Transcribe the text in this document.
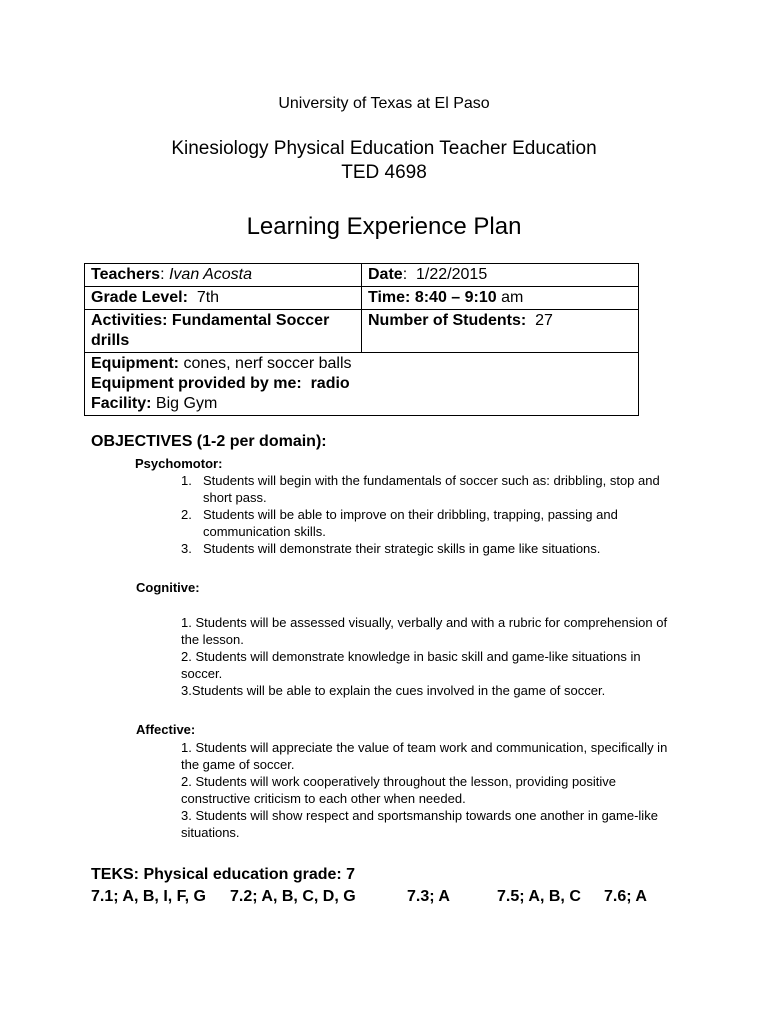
University of Texas at El Paso
Kinesiology Physical Education Teacher Education
TED 4698
Learning Experience Plan
Teachers: Ivan Acosta	Date:  1/22/2015
Grade Level: 7th	Time: 8:40 – 9:10 am
Activities: Fundamental Soccer drills	Number of Students: 27

Equipment: cones, nerf soccer balls
Equipment provided by me: radio
Facility: Big Gym	
OBJECTIVES (1-2 per domain):
Psychomotor:
1. Students will begin with the fundamentals of soccer such as: dribbling, stop and short pass.
2. Students will be able to improve on their dribbling, trapping, passing and communication skills.
3. Students will demonstrate their strategic skills in game like situations.
Cognitive:

1. Students will be assessed visually, verbally and with a rubric for comprehension of the lesson.

2. Students will demonstrate knowledge in basic skill and game-like situations in soccer.

3.Students will be able to explain the cues involved in the game of soccer.

Affective:

1. Students will appreciate the value of team work and communication, specifically in the game of soccer.

2. Students will work cooperatively throughout the lesson, providing positive constructive criticism to each other when needed.

3. Students will show respect and sportsmanship towards one another in game-like situations.

TEKS: Physical education grade: 7
7.1; A, B, I, F, G 7.2; A, B, C, D, G	7.3; A	7.5; A, B, C 7.6; A
